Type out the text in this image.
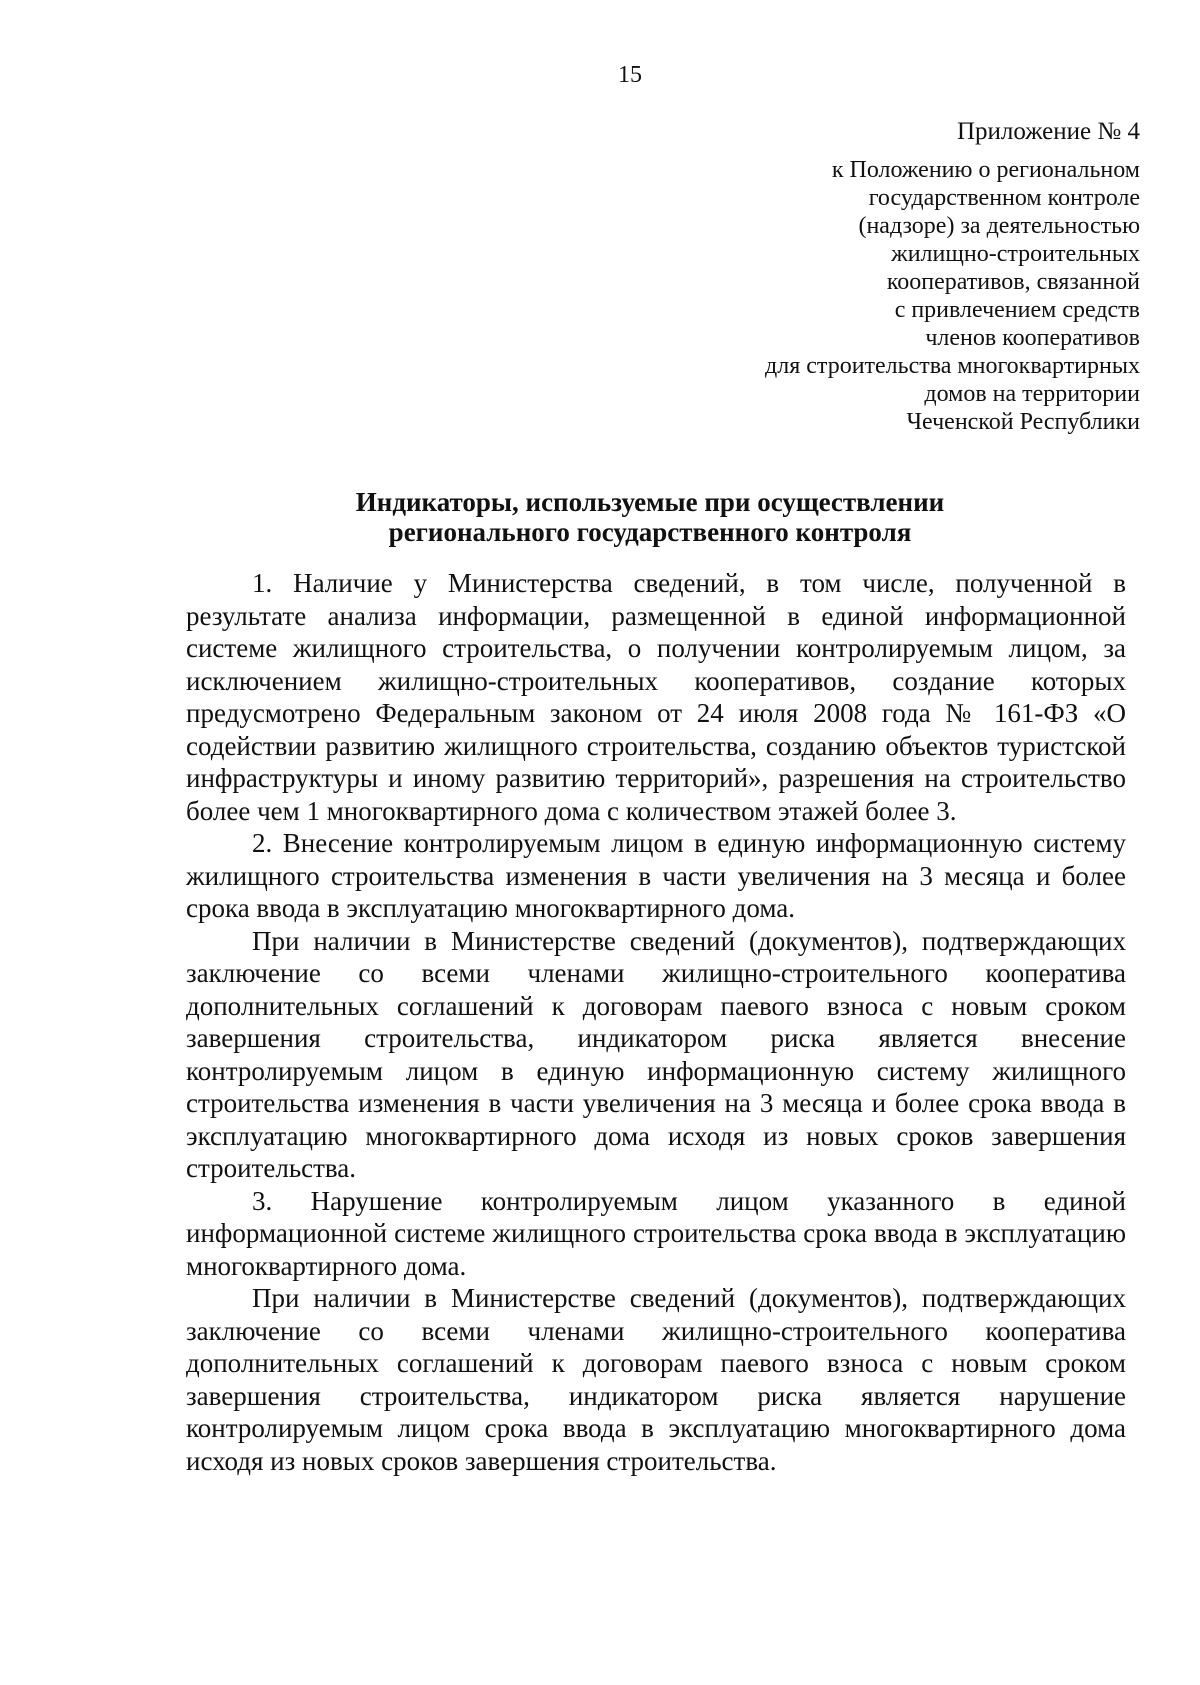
15
Приложение № 4
к Положению о региональном
государственном контроле
(надзоре) за деятельностью
жилищно-строительных
кооперативов, связанной
с привлечением средств
членов кооперативов
для строительства многоквартирных
домов на территории
Чеченской Республики
Индикаторы, используемые при осуществлении
регионального государственного контроля

1. Наличие у Министерства сведений, в том числе, полученной в результате анализа информации, размещенной в единой информационной системе жилищного строительства, о получении контролируемым лицом, за исключением жилищно-строительных кооперативов, создание которых предусмотрено Федеральным законом от 24 июля 2008 года № 161-ФЗ «О содействии развитию жилищного строительства, созданию объектов туристской инфраструктуры и иному развитию территорий», разрешения на строительство более чем 1 многоквартирного дома с количеством этажей более 3.

2. Внесение контролируемым лицом в единую информационную систему жилищного строительства изменения в части увеличения на 3 месяца и более срока ввода в эксплуатацию многоквартирного дома.

При наличии в Министерстве сведений (документов), подтверждающих заключение со всеми членами жилищно-строительного кооператива дополнительных соглашений к договорам паевого взноса с новым сроком завершения строительства, индикатором риска является внесение контролируемым лицом в единую информационную систему жилищного строительства изменения в части увеличения на 3 месяца и более срока ввода в эксплуатацию многоквартирного дома исходя из новых сроков завершения строительства.

3. Нарушение контролируемым лицом указанного в единой информационной системе жилищного строительства срока ввода в эксплуатацию многоквартирного дома.

При наличии в Министерстве сведений (документов), подтверждающих заключение со всеми членами жилищно-строительного кооператива дополнительных соглашений к договорам паевого взноса с новым сроком завершения строительства, индикатором риска является нарушение контролируемым лицом срока ввода в эксплуатацию многоквартирного дома исходя из новых сроков завершения строительства.
